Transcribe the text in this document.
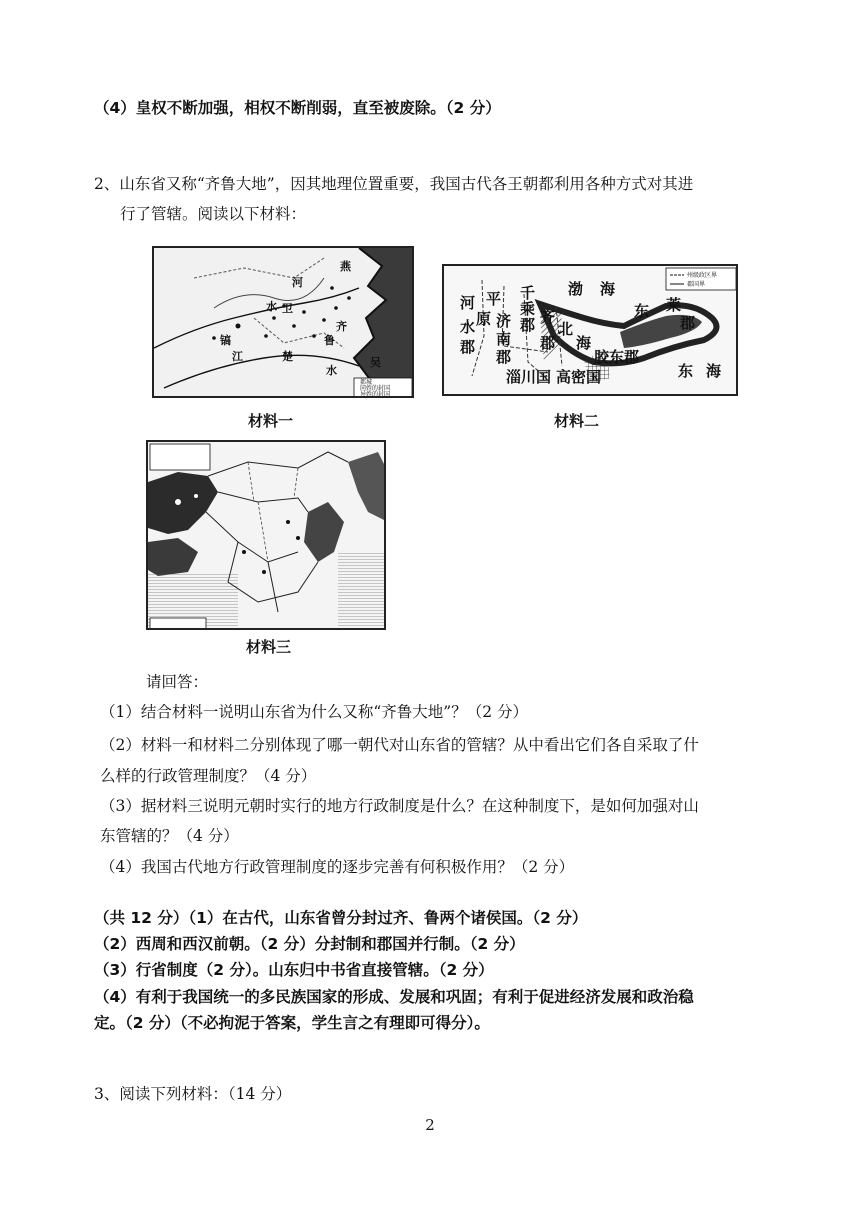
（4）皇权不断加强，相权不断削弱，直至被废除。（2 分）
2、山东省又称“齐鲁大地”，因其地理位置重要，我国古代各王朝都利用各种方式对其进
行了管辖。阅读以下材料：
河
燕
卫
齐
鲁
水
江	楚
水
吴
镐
都城
同姓的封国
异姓的封国
材料一
河 平
原
水
郡
济
南
郡
千
乘
郡 齐
北
郡 海
渤 海
东 莱
郡
胶东郡
淄川国 高密国	东 海
州级政区界
郡国界
材料二
材料三
请回答：
（1）结合材料一说明山东省为什么又称“齐鲁大地”？（2 分）
（2）材料一和材料二分别体现了哪一朝代对山东省的管辖？从中看出它们各自采取了什
么样的行政管理制度？（4 分）
（3）据材料三说明元朝时实行的地方行政制度是什么？在这种制度下，是如何加强对山
东管辖的？（4 分）
（4）我国古代地方行政管理制度的逐步完善有何积极作用？（2 分）
（共 12 分）（1）在古代，山东省曾分封过齐、鲁两个诸侯国。（2 分）
（2）西周和西汉前朝。（2 分）分封制和郡国并行制。（2 分）
（3）行省制度（2 分）。山东归中书省直接管辖。（2 分）
（4）有利于我国统一的多民族国家的形成、发展和巩固；有利于促进经济发展和政治稳
定。（2 分）（不必拘泥于答案，学生言之有理即可得分）。
3、阅读下列材料：（14 分）
2
